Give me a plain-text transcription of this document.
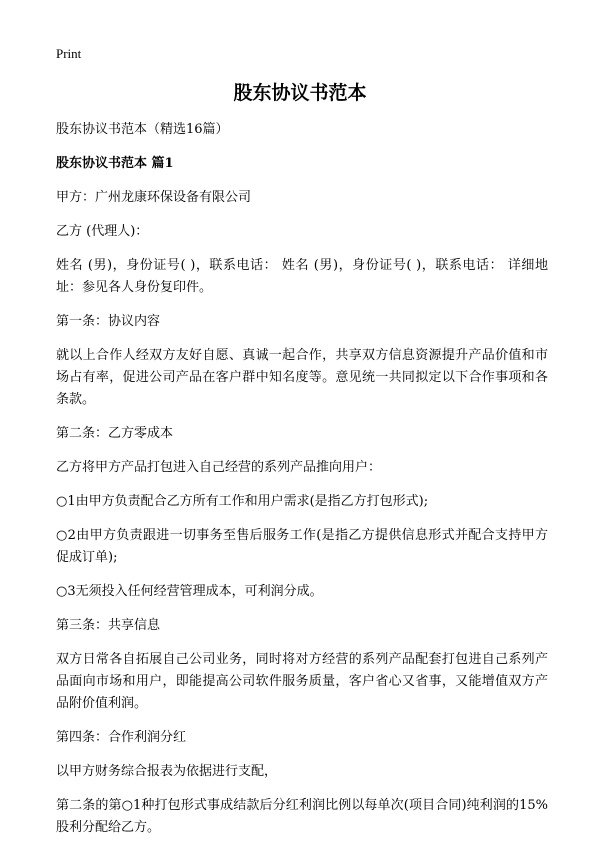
Print
股东协议书范本

股东协议书范本（精选16篇）

股东协议书范本 篇1

甲方：广州龙康环保设备有限公司

乙方 (代理人)：

姓名 (男)，身份证号( )，联系电话： 姓名 (男)，身份证号( )，联系电话： 详细地址：参见各人身份复印件。

第一条：协议内容

就以上合作人经双方友好自愿、真诚一起合作，共享双方信息资源提升产品价值和市场占有率，促进公司产品在客户群中知名度等。意见统一共同拟定以下合作事项和各条款。

第二条：乙方零成本

乙方将甲方产品打包进入自己经营的系列产品推向用户：

○1由甲方负责配合乙方所有工作和用户需求(是指乙方打包形式);

○2由甲方负责跟进一切事务至售后服务工作(是指乙方提供信息形式并配合支持甲方促成订单);

○3无须投入任何经营管理成本，可利润分成。

第三条：共享信息

双方日常各自拓展自己公司业务，同时将对方经营的系列产品配套打包进自己系列产品面向市场和用户，即能提高公司软件服务质量，客户省心又省事，又能增值双方产品附价值利润。

第四条：合作利润分红

以甲方财务综合报表为依据进行支配，

第二条的第○1种打包形式事成结款后分红利润比例以每单次(项目合同)纯利润的15%股利分配给乙方。
